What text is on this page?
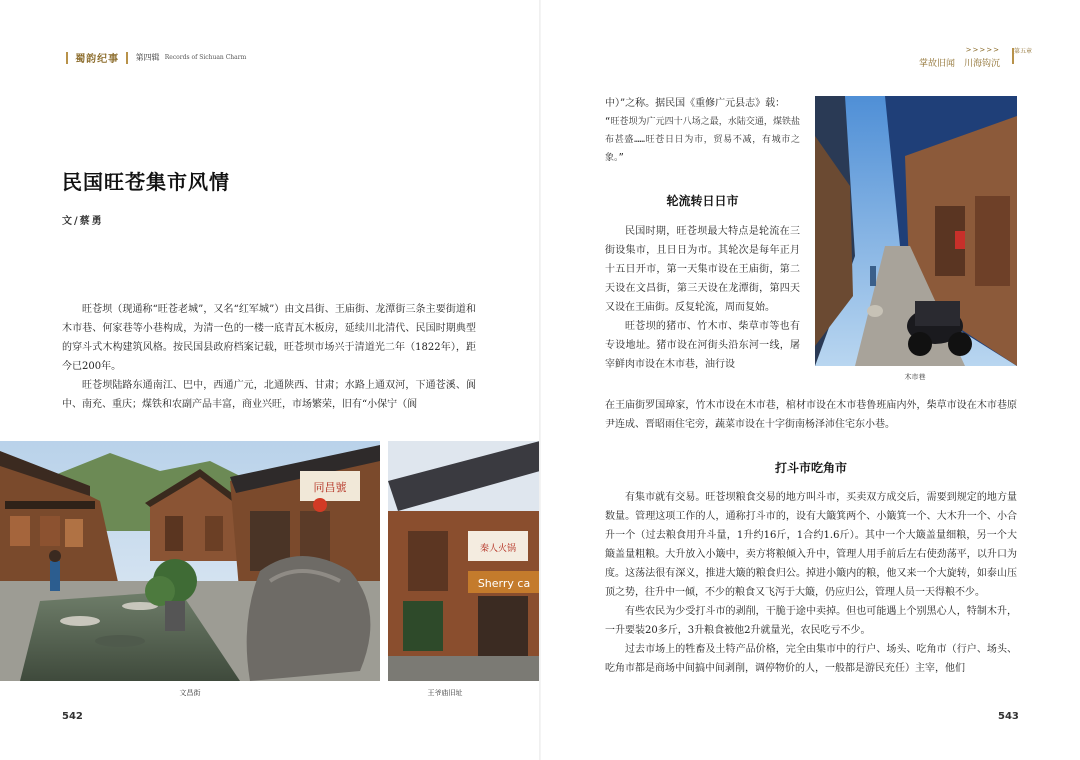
蜀韵纪事 第四辑 Records of Sichuan Charm
民国旺苍集市风情
文/蔡勇

旺苍坝（现通称“旺苍老城”，又名“红军城”）由文昌街、王庙街、龙潭街三条主要街道和木市巷、何家巷等小巷构成，为清一色的一楼一底青瓦木板房，延续川北清代、民国时期典型的穿斗式木构建筑风格。按民国县政府档案记载，旺苍坝市场兴于清道光二年（1822年），距今已200年。

旺苍坝陆路东通南江、巴中，西通广元，北通陕西、甘肃；水路上通双河，下通苍溪、阆中、南充、重庆；煤铁和农副产品丰富，商业兴旺，市场繁荣，旧有“小保宁（阆

同昌號
文昌街
秦人火锅
Sherry ca
王爷庙旧址
542
>>>>>
掌故旧闻　川海钩沉
第五章

中）”之称。据民国《重修广元县志》载：

“旺苍坝为广元四十八场之最，水陆交通，煤铁盐布甚盛……旺苍日日为市，贸易不减，有城市之象。”

轮流转日日市

民国时期，旺苍坝最大特点是轮流在三街设集市，且日日为市。其轮次是每年正月十五日开市，第一天集市设在王庙街，第二天设在文昌街，第三天设在龙潭街，第四天又设在王庙街。反复轮流，周而复始。

旺苍坝的猪市、竹木市、柴草市等也有专设地址。猪市设在河街头沿东河一线，屠宰鲜肉市设在木市巷，油行设

木市巷

在王庙街罗国璋家，竹木市设在木市巷，棺材市设在木市巷鲁班庙内外，柴草市设在木市巷原尹连成、晋昭雨住宅旁，蔬菜市设在十字街南杨泽沛住宅东小巷。

打斗市吃角市

有集市就有交易。旺苍坝粮食交易的地方叫斗市，买卖双方成交后，需要到规定的地方量数量。管理这项工作的人，通称打斗市的，设有大簸箕两个、小簸箕一个、大木升一个、小合升一个（过去粮食用升斗量，1升约16斤，1合约1.6斤）。其中一个大簸盖量细粮，另一个大簸盖量粗粮。大升放入小簸中，卖方将粮倾入升中，管理人用手前后左右使劲荡平，以升口为度。这荡法很有深义，推进大簸的粮食归公。掉进小簸内的粮，他又来一个大旋转，如泰山压顶之势，往升中一倾，不少的粮食又飞泻于大簸，仍应归公，管理人员一天得粮不少。

有些农民为少受打斗市的剥削，干脆于途中卖掉。但也可能遇上个别黑心人，特制木升，一升要装20多斤，3升粮食被他2升就量光，农民吃亏不少。

过去市场上的牲畜及土特产品价格，完全由集市中的行户、场头、吃角市（行户、场头、吃角市都是商场中间搞中间剥削，调停物价的人，一般都是游民充任）主宰，他们

543
